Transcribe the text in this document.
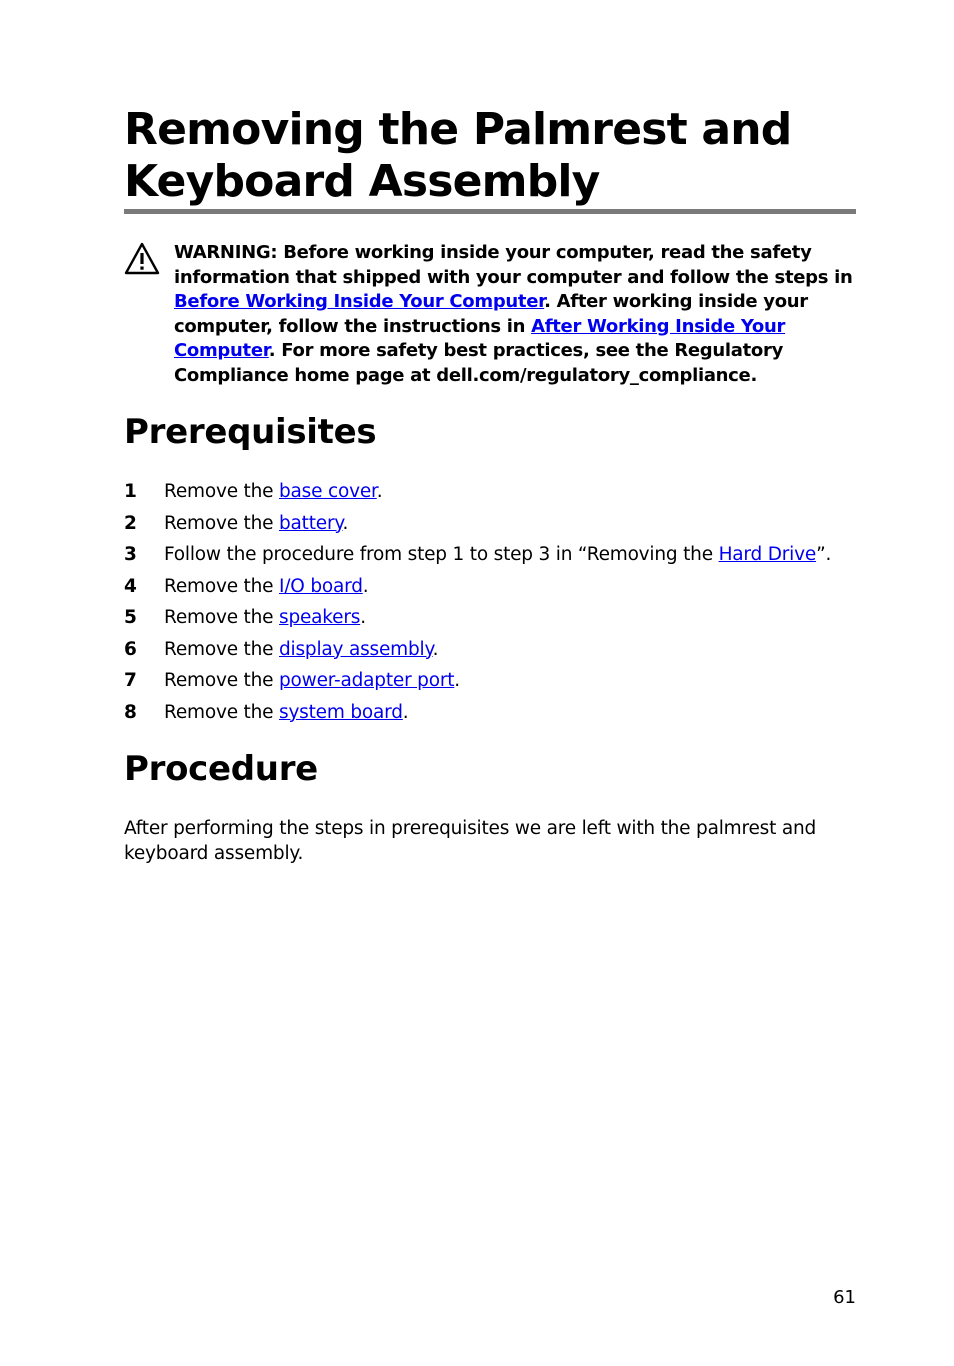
Removing the Palmrest and Keyboard Assembly
WARNING: Before working inside your computer, read the safety information that shipped with your computer and follow the steps in Before Working Inside Your Computer. After working inside your computer, follow the instructions in After Working Inside Your Computer. For more safety best practices, see the Regulatory Compliance home page at dell.com/regulatory_compliance.
Prerequisites
1 Remove the base cover.
2 Remove the battery.
3 Follow the procedure from step 1 to step 3 in “Removing the Hard Drive”.
4 Remove the I/O board.
5 Remove the speakers.
6 Remove the display assembly.
7 Remove the power-adapter port.
8 Remove the system board.
Procedure

After performing the steps in prerequisites we are left with the palmrest and keyboard assembly.

61
